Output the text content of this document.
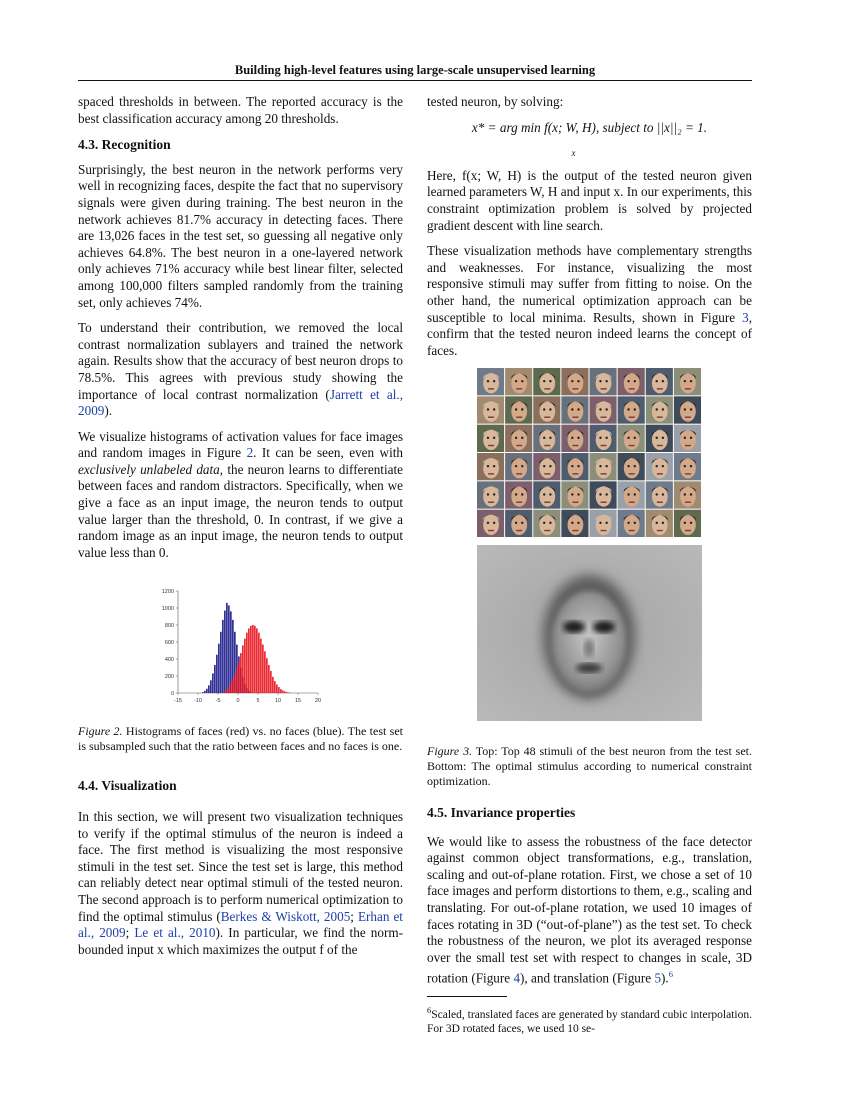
Building high-level features using large-scale unsupervised learning

spaced thresholds in between. The reported accuracy is the best classification accuracy among 20 thresholds.

4.3. Recognition

Surprisingly, the best neuron in the network performs very well in recognizing faces, despite the fact that no supervisory signals were given during training. The best neuron in the network achieves 81.7% accuracy in detecting faces. There are 13,026 faces in the test set, so guessing all negative only achieves 64.8%. The best neuron in a one-layered network only achieves 71% accuracy while best linear filter, selected among 100,000 filters sampled randomly from the training set, only achieves 74%.

To understand their contribution, we removed the local contrast normalization sublayers and trained the network again. Results show that the accuracy of best neuron drops to 78.5%. This agrees with previous study showing the importance of local contrast normalization (Jarrett et al., 2009).

We visualize histograms of activation values for face images and random images in Figure 2. It can be seen, even with exclusively unlabeled data, the neuron learns to differentiate between faces and random distractors. Specifically, when we give a face as an input image, the neuron tends to output value larger than the threshold, 0. In contrast, if we give a random image as an input image, the neuron tends to output value less than 0.

-15 -10 -5	0	5	10	15	20
0
200
400
600
800
1000
1200
Figure 2. Histograms of faces (red) vs. no faces (blue). The test set is subsampled such that the ratio between faces and no faces is one.
4.4. Visualization

In this section, we will present two visualization techniques to verify if the optimal stimulus of the neuron is indeed a face. The first method is visualizing the most responsive stimuli in the test set. Since the test set is large, this method can reliably detect near optimal stimuli of the tested neuron. The second approach is to perform numerical optimization to find the optimal stimulus (Berkes & Wiskott, 2005; Erhan et al., 2009; Le et al., 2010). In particular, we find the norm-bounded input x which maximizes the output f of the

tested neuron, by solving:

x* = arg min f(x; W, H), subject to ||x||₂ = 1.
$_x$

Here, f(x; W, H) is the output of the tested neuron given learned parameters W, H and input x. In our experiments, this constraint optimization problem is solved by projected gradient descent with line search.

These visualization methods have complementary strengths and weaknesses. For instance, visualizing the most responsive stimuli may suffer from fitting to noise. On the other hand, the numerical optimization approach can be susceptible to local minima. Results, shown in Figure 3, confirm that the tested neuron indeed learns the concept of faces.

Figure 3. Top: Top 48 stimuli of the best neuron from the test set. Bottom: The optimal stimulus according to numerical constraint optimization.
4.5. Invariance properties

We would like to assess the robustness of the face detector against common object transformations, e.g., translation, scaling and out-of-plane rotation. First, we chose a set of 10 face images and perform distortions to them, e.g., scaling and translating. For out-of-plane rotation, we used 10 images of faces rotating in 3D (“out-of-plane”) as the test set. To check the robustness of the neuron, we plot its averaged response over the small test set with respect to changes in scale, 3D rotation (Figure 4), and translation (Figure 5).$^6$

$^6$Scaled, translated faces are generated by standard cubic interpolation. For 3D rotated faces, we used 10 se-
